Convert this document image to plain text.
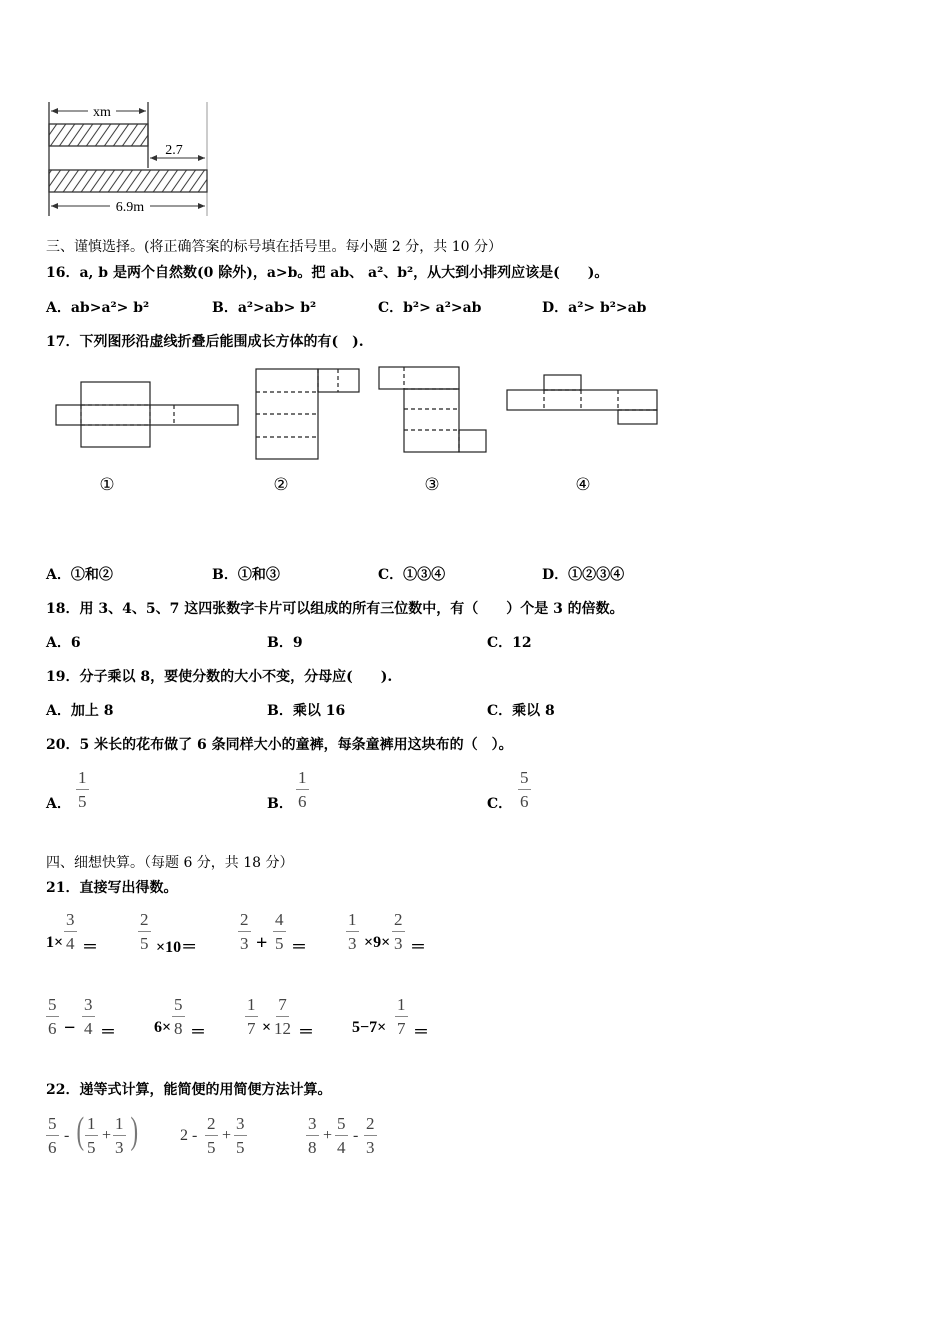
xm
2.7
6.9m
三、谨慎选择。(将正确答案的标号填在括号里。每小题 2 分，共 10 分）
16．a, b 是两个自然数(0 除外)，a>b。把 ab、 a²、b²，从大到小排列应该是(　　)。
A．ab>a²> b²	B．a²>ab> b²	C．b²> a²>ab	D．a²> b²>ab
17．下列图形沿虚线折叠后能围成长方体的有(　).
①	②	③	④
A．①和②	B．①和③	C．①③④	D．①②③④
18．用 3、4、5、7 这四张数字卡片可以组成的所有三位数中，有（　　）个是 3 的倍数。
A．6	B．9	C．12
19．分子乘以 8，要使分数的大小不变，分母应(　　).
A．加上 8	B．乘以 16	C．乘以 8
20．5 米长的花布做了 6 条同样大小的童裤，每条童裤用这块布的（　）。
A． $\frac{1}{5}$	B． $\frac{1}{6}$	C． $\frac{5}{6}$
四、细想快算。（每题 6 分，共 18 分）
21．直接写出得数。
$1\times \frac{3}{4} = \frac{2}{5} \times 10= \frac{2}{3} + \frac{4}{5} = \frac{1}{3} \times 9\times \frac{2}{3}$ ＝
$\frac{5}{6} - \frac{3}{4} = 6\times \frac{5}{8} = \frac{1}{7} \times \frac{7}{12} = 5-7\times \frac{1}{7}$ ＝
22．递等式计算，能简便的用简便方法计算。
$\frac{5}{6}$ - ( $\frac{1}{5} + \frac{1}{3}$ )	$2 - \frac{2}{5} + \frac{3}{5}$	$\frac{3}{8} + \frac{5}{4} - \frac{2}{3}$
